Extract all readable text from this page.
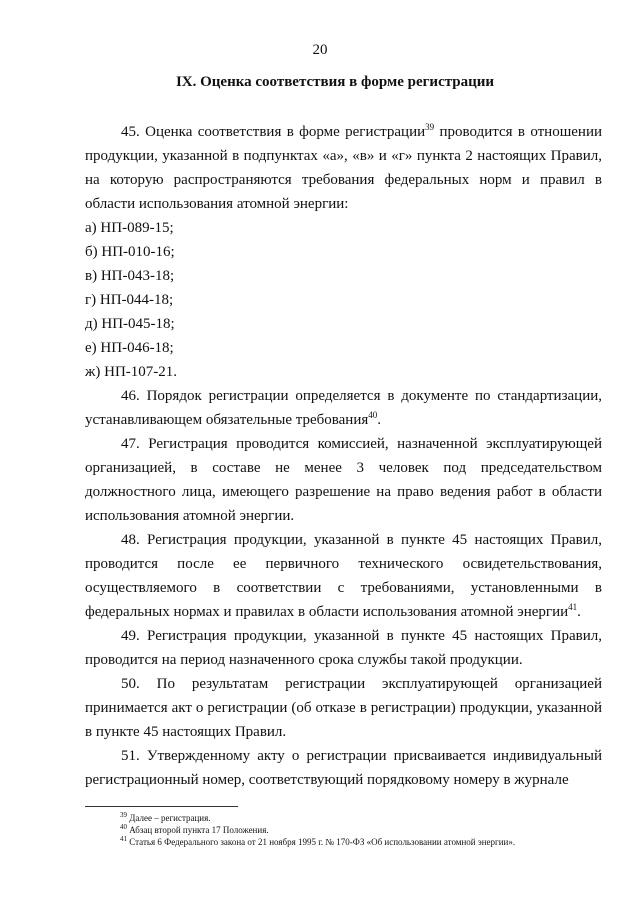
20
IX. Оценка соответствия в форме регистрации

45. Оценка соответствия в форме регистрации$^{39}$ проводится в отношении продукции, указанной в подпунктах «а», «в» и «г» пункта 2 настоящих Правил, на которую распространяются требования федеральных норм и правил в области использования атомной энергии:

а) НП-089-15;

б) НП-010-16;

в) НП-043-18;

г) НП-044-18;

д) НП-045-18;

е) НП-046-18;

ж) НП-107-21.

46. Порядок регистрации определяется в документе по стандартизации, устанавливающем обязательные требования$^{40}$.

47. Регистрация проводится комиссией, назначенной эксплуатирующей организацией, в составе не менее 3 человек под председательством должностного лица, имеющего разрешение на право ведения работ в области использования атомной энергии.

48. Регистрация продукции, указанной в пункте 45 настоящих Правил, проводится после ее первичного технического освидетельствования, осуществляемого в соответствии с требованиями, установленными в федеральных нормах и правилах в области использования атомной энергии$^{41}$.

49. Регистрация продукции, указанной в пункте 45 настоящих Правил, проводится на период назначенного срока службы такой продукции.

50. По результатам регистрации эксплуатирующей организацией принимается акт о регистрации (об отказе в регистрации) продукции, указанной в пункте 45 настоящих Правил.

51. Утвержденному акту о регистрации присваивается индивидуальный регистрационный номер, соответствующий порядковому номеру в журнале

$^{39}$ Далее – регистрация.

$^{40}$ Абзац второй пункта 17 Положения.

$^{41}$ Статья 6 Федерального закона от 21 ноября 1995 г. № 170-ФЗ «Об использовании атомной энергии».
